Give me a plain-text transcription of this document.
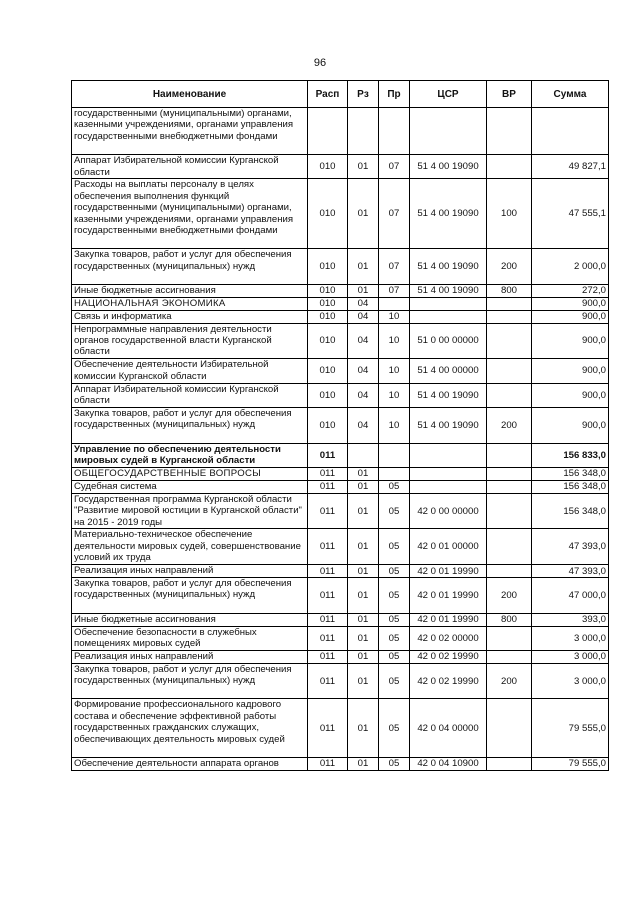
96
Наименование	Расп	Рз	Пр	ЦСР	ВР	Сумма
государственными (муниципальными) органами, казенными учреждениями, органами управления государственными внебюджетными фондами						
Аппарат Избирательной комиссии Курганской области	010	01	07	51 4 00 19090		49 827,1
Расходы на выплаты персоналу в целях обеспечения выполнения функций государственными (муниципальными) органами, казенными учреждениями, органами управления государственными внебюджетными фондами	010	01	07	51 4 00 19090	100	47 555,1
Закупка товаров, работ и услуг для обеспечения государственных (муниципальных) нужд	010	01	07	51 4 00 19090	200	2 000,0
Иные бюджетные ассигнования	010	01	07	51 4 00 19090	800	272,0
НАЦИОНАЛЬНАЯ ЭКОНОМИКА	010	04				900,0
Связь и информатика	010	04	10			900,0
Непрограммные направления деятельности органов государственной власти Курганской области	010	04	10	51 0 00 00000		900,0
Обеспечение деятельности Избирательной комиссии Курганской области	010	04	10	51 4 00 00000		900,0
Аппарат Избирательной комиссии Курганской области	010	04	10	51 4 00 19090		900,0
Закупка товаров, работ и услуг для обеспечения государственных (муниципальных) нужд	010	04	10	51 4 00 19090	200	900,0
Управление по обеспечению деятельности мировых судей в Курганской области	011					156 833,0
ОБЩЕГОСУДАРСТВЕННЫЕ ВОПРОСЫ	011	01				156 348,0
Судебная система	011	01	05			156 348,0
Государственная программа Курганской области "Развитие мировой юстиции в Курганской области" на 2015 - 2019 годы	011	01	05	42 0 00 00000		156 348,0
Материально-техническое обеспечение деятельности мировых судей, совершенствование условий их труда	011	01	05	42 0 01 00000		47 393,0
Реализация иных направлений	011	01	05	42 0 01 19990		47 393,0
Закупка товаров, работ и услуг для обеспечения государственных (муниципальных) нужд	011	01	05	42 0 01 19990	200	47 000,0
Иные бюджетные ассигнования	011	01	05	42 0 01 19990	800	393,0
Обеспечение безопасности в служебных помещениях мировых судей	011	01	05	42 0 02 00000		3 000,0
Реализация иных направлений	011	01	05	42 0 02 19990		3 000,0
Закупка товаров, работ и услуг для обеспечения государственных (муниципальных) нужд	011	01	05	42 0 02 19990	200	3 000,0
Формирование профессионального кадрового состава и обеспечение эффективной работы государственных гражданских служащих, обеспечивающих деятельность мировых судей	011	01	05	42 0 04 00000		79 555,0
Обеспечение деятельности аппарата органов	011	01	05	42 0 04 10900		79 555,0
